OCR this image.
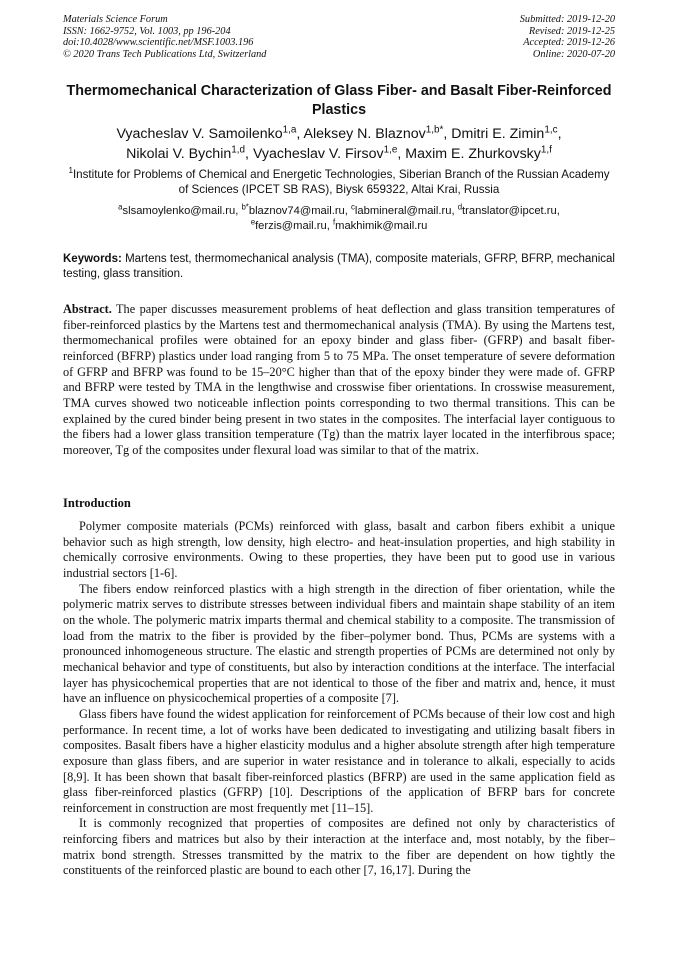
Materials Science Forum
ISSN: 1662-9752, Vol. 1003, pp 196-204
doi:10.4028/www.scientific.net/MSF.1003.196
© 2020 Trans Tech Publications Ltd, Switzerland
Submitted: 2019-12-20
Revised: 2019-12-25
Accepted: 2019-12-26
Online: 2020-07-20
Thermomechanical Characterization of Glass Fiber- and Basalt Fiber-Reinforced Plastics
Vyacheslav V. Samoilenko$^{1,a}$, Aleksey N. Blaznov$^{1,b*}$, Dmitri E. Zimin$^{1,c}$,
Nikolai V. Bychin$^{1,d}$, Vyacheslav V. Firsov$^{1,e}$, Maxim E. Zhurkovsky$^{1,f}$
$^1$Institute for Problems of Chemical and Energetic Technologies, Siberian Branch of the Russian Academy of Sciences (IPCET SB RAS), Biysk 659322, Altai Krai, Russia
$^a$slsamoylenko@mail.ru, $^{b*}$blaznov74@mail.ru, $^c$labmineral@mail.ru, $^d$translator@ipcet.ru,
$^e$ferzis@mail.ru, $^f$makhimik@mail.ru
Keywords: Martens test, thermomechanical analysis (TMA), composite materials, GFRP, BFRP, mechanical testing, glass transition.
Abstract. The paper discusses measurement problems of heat deflection and glass transition temperatures of fiber-reinforced plastics by the Martens test and thermomechanical analysis (TMA). By using the Martens test, thermomechanical profiles were obtained for an epoxy binder and glass fiber- (GFRP) and basalt fiber-reinforced (BFRP) plastics under load ranging from 5 to 75 MPa. The onset temperature of severe deformation of GFRP and BFRP was found to be 15–20°C higher than that of the epoxy binder they were made of. GFRP and BFRP were tested by TMA in the lengthwise and crosswise fiber orientations. In crosswise measurement, TMA curves showed two noticeable inflection points corresponding to two thermal transitions. This can be explained by the cured binder being present in two states in the composites. The interfacial layer contiguous to the fibers had a lower glass transition temperature (Tg) than the matrix layer located in the interfibrous space; moreover, Tg of the composites under flexural load was similar to that of the matrix.
Introduction

Polymer composite materials (PCMs) reinforced with glass, basalt and carbon fibers exhibit a unique behavior such as high strength, low density, high electro- and heat-insulation properties, and high stability in chemically corrosive environments. Owing to these properties, they have been put to good use in various industrial sectors [1-6].

The fibers endow reinforced plastics with a high strength in the direction of fiber orientation, while the polymeric matrix serves to distribute stresses between individual fibers and maintain shape stability of an item on the whole. The polymeric matrix imparts thermal and chemical stability to a composite. The transmission of load from the matrix to the fiber is provided by the fiber–polymer bond. Thus, PCMs are systems with a pronounced inhomogeneous structure. The elastic and strength properties of PCMs are determined not only by mechanical behavior and type of constituents, but also by interaction conditions at the interface. The interfacial layer has physicochemical properties that are not identical to those of the fiber and matrix and, hence, it must have an influence on physicochemical properties of a composite [7].

Glass fibers have found the widest application for reinforcement of PCMs because of their low cost and high performance. In recent time, a lot of works have been dedicated to investigating and utilizing basalt fibers in composites. Basalt fibers have a higher elasticity modulus and a higher absolute strength after high temperature exposure than glass fibers, and are superior in water resistance and in tolerance to alkali, especially to acids [8,9]. It has been shown that basalt fiber-reinforced plastics (BFRP) are used in the same application field as glass fiber-reinforced plastics (GFRP) [10]. Descriptions of the application of BFRP bars for concrete reinforcement in construction are most frequently met [11–15].

It is commonly recognized that properties of composites are defined not only by characteristics of reinforcing fibers and matrices but also by their interaction at the interface and, most notably, by the fiber–matrix bond strength. Stresses transmitted by the matrix to the fiber are dependent on how tightly the constituents of the reinforced plastic are bound to each other [7, 16,17]. During the
